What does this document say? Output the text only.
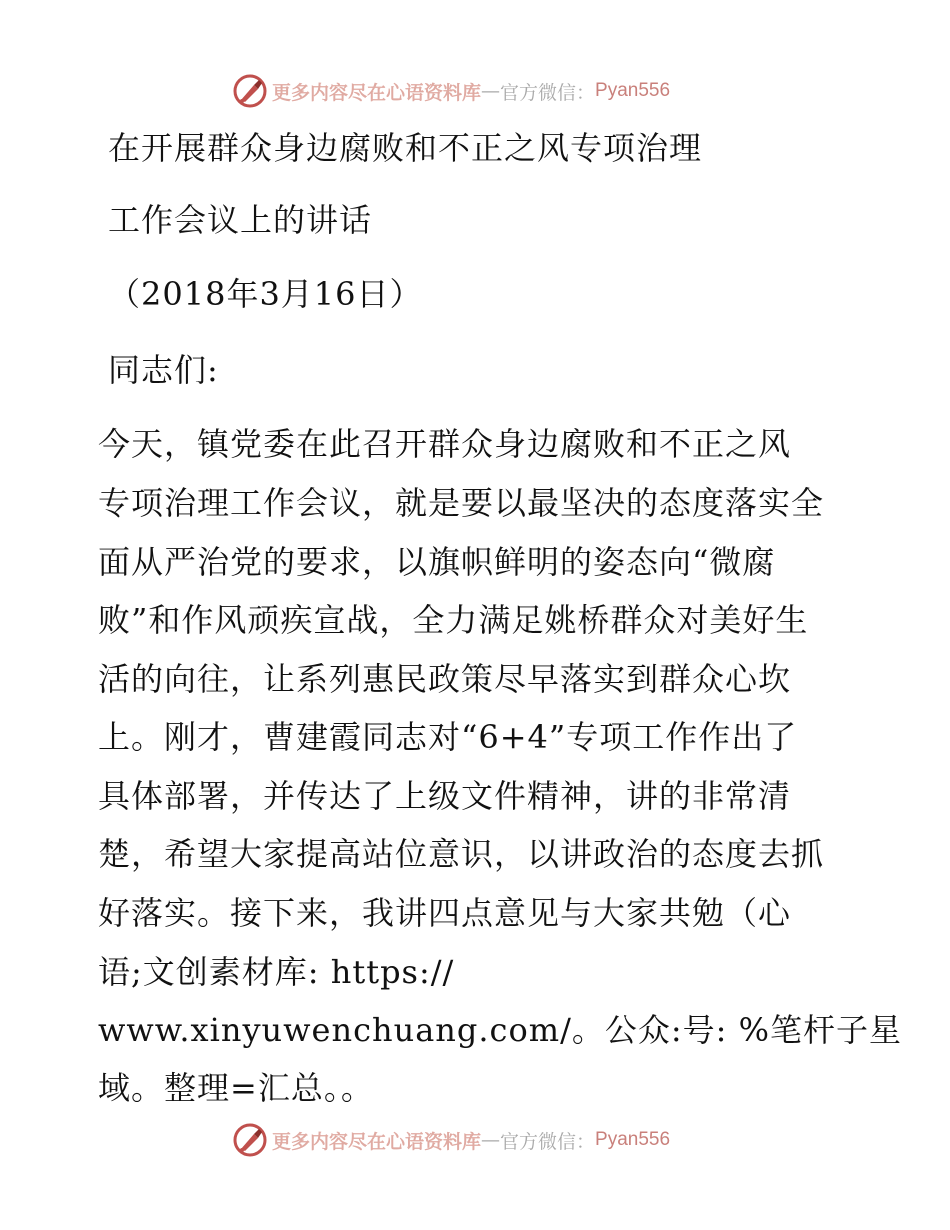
更多内容尽在心语资料库 — 官方微信： Pyan556
在开展群众身边腐败和不正之风专项治理
工作会议上的讲话
（2018年3月16日）
同志们:
今天，镇党委在此召开群众身边腐败和不正之风
专项治理工作会议，就是要以最坚决的态度落实全
面从严治党的要求，以旗帜鲜明的姿态向“微腐
败”和作风顽疾宣战，全力满足姚桥群众对美好生
活的向往，让系列惠民政策尽早落实到群众心坎
上。刚才，曹建霞同志对“6+4”专项工作作出了
具体部署，并传达了上级文件精神，讲的非常清
楚，希望大家提高站位意识，以讲政治的态度去抓
好落实。接下来，我讲四点意见与大家共勉（心
语;文创素材库: https://
www.xinyuwenchuang.com/。公众:号: %笔杆子星
域。整理=汇总。。
更多内容尽在心语资料库 — 官方微信： Pyan556
